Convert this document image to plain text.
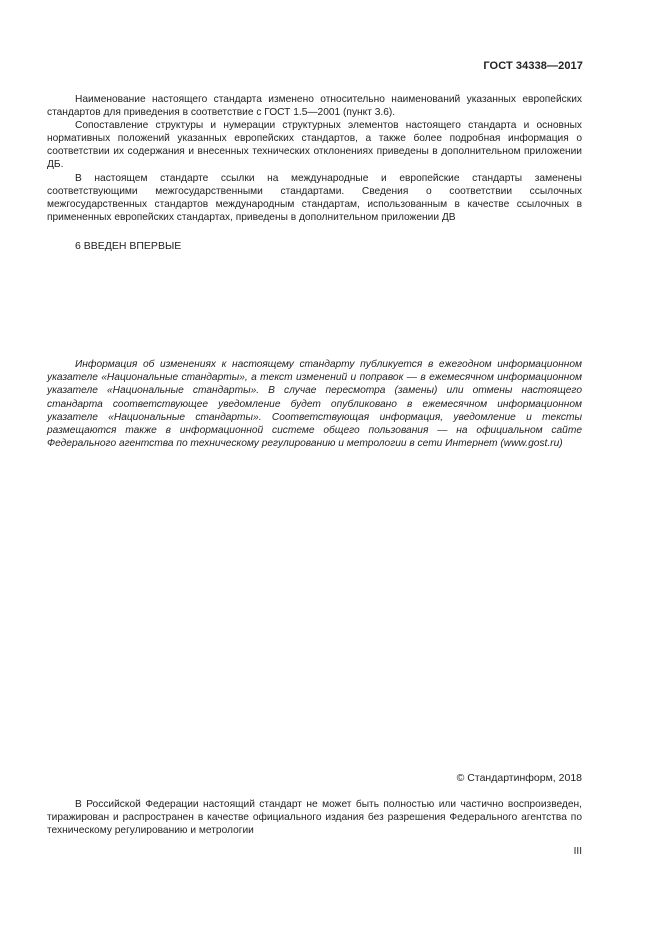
ГОСТ 34338—2017

Наименование настоящего стандарта изменено относительно наименований указанных европейских стандартов для приведения в соответствие с ГОСТ 1.5—2001 (пункт 3.6).

Сопоставление структуры и нумерации структурных элементов настоящего стандарта и основных нормативных положений указанных европейских стандартов, а также более подробная информация о соответствии их содержания и внесенных технических отклонениях приведены в дополнительном приложении ДБ.

В настоящем стандарте ссылки на международные и европейские стандарты заменены соответствующими межгосударственными стандартами. Сведения о соответствии ссылочных межгосударственных стандартов международным стандартам, использованным в качестве ссылочных в примененных европейских стандартах, приведены в дополнительном приложении ДВ

6 ВВЕДЕН ВПЕРВЫЕ
Информация об изменениях к настоящему стандарту публикуется в ежегодном информационном указателе «Национальные стандарты», а текст изменений и поправок — в ежемесячном информационном указателе «Национальные стандарты». В случае пересмотра (замены) или отмены настоящего стандарта соответствующее уведомление будет опубликовано в ежемесячном информационном указателе «Национальные стандарты». Соответствующая информация, уведомление и тексты размещаются также в информационной системе общего пользования — на официальном сайте Федерального агентства по техническому регулированию и метрологии в сети Интернет (www.gost.ru)
© Стандартинформ, 2018

В Российской Федерации настоящий стандарт не может быть полностью или частично воспроизведен, тиражирован и распространен в качестве официального издания без разрешения Федерального агентства по техническому регулированию и метрологии

III
